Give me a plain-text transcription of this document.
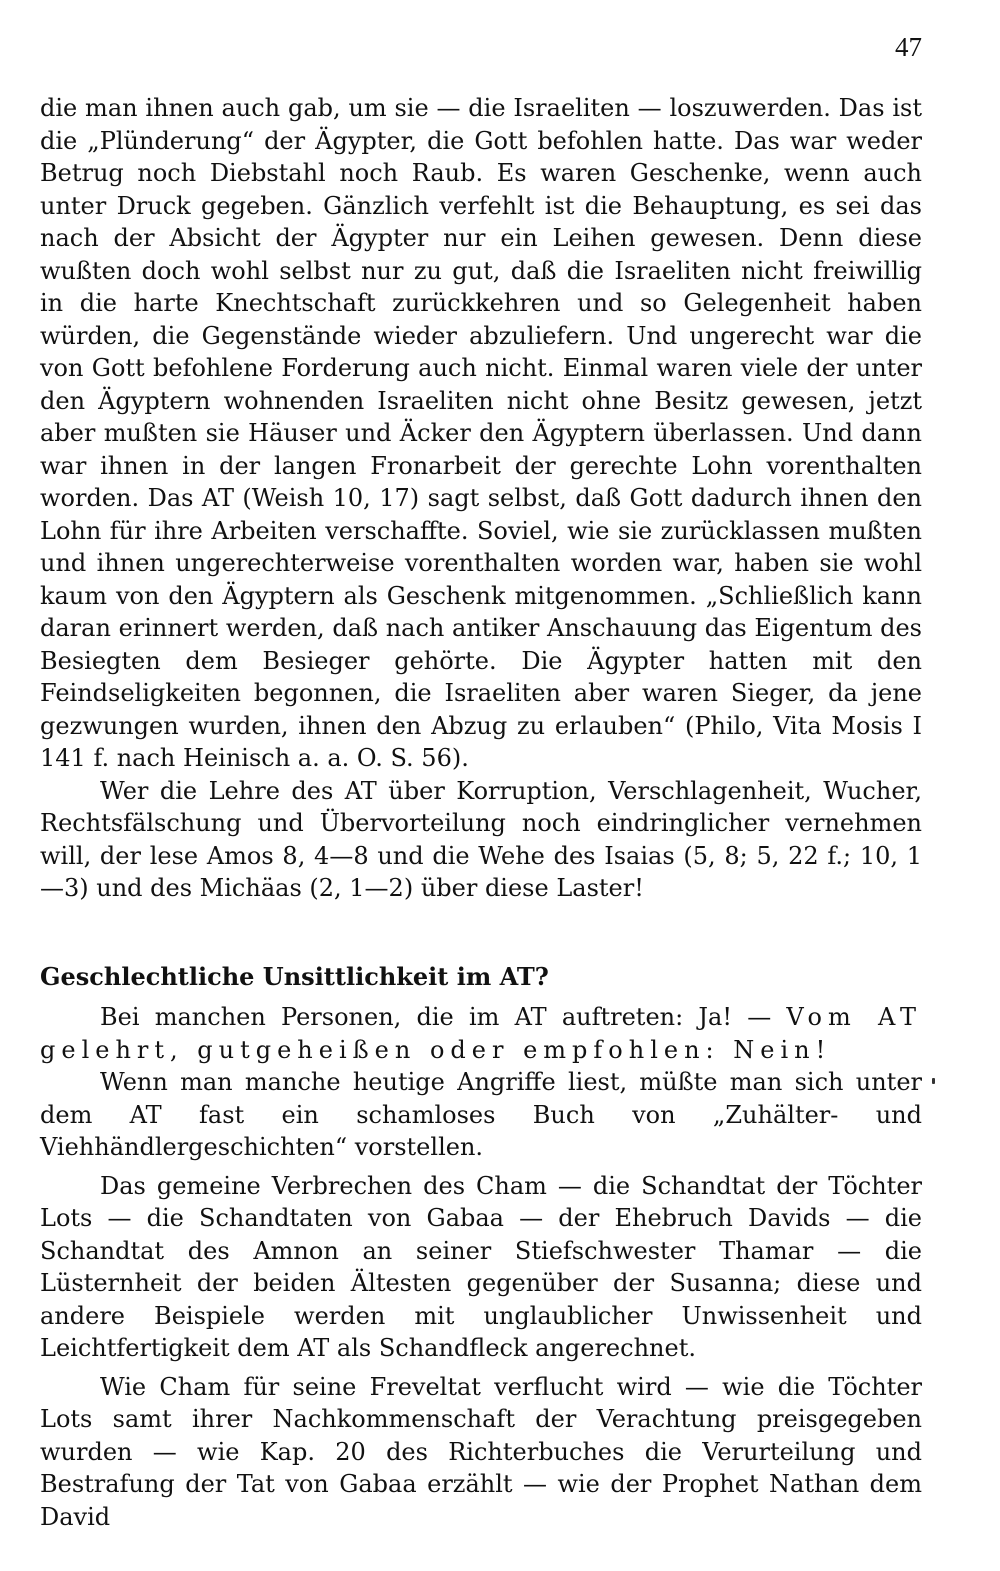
47

die man ihnen auch gab, um sie — die Israeliten — loszuwerden. Das ist die „Plünderung“ der Ägypter, die Gott befohlen hatte. Das war weder Betrug noch Diebstahl noch Raub. Es waren Geschenke, wenn auch unter Druck gegeben. Gänzlich verfehlt ist die Behauptung, es sei das nach der Absicht der Ägypter nur ein Leihen gewesen. Denn diese wußten doch wohl selbst nur zu gut, daß die Israeliten nicht freiwillig in die harte Knechtschaft zurückkehren und so Gelegenheit haben würden, die Gegenstände wieder abzuliefern. Und ungerecht war die von Gott befohlene Forderung auch nicht. Einmal waren viele der unter den Ägyptern wohnenden Israeliten nicht ohne Besitz gewesen, jetzt aber mußten sie Häuser und Äcker den Ägyptern überlassen. Und dann war ihnen in der langen Fronarbeit der gerechte Lohn vorenthalten worden. Das AT (Weish 10, 17) sagt selbst, daß Gott dadurch ihnen den Lohn für ihre Arbeiten verschaffte. Soviel, wie sie zurücklassen mußten und ihnen ungerechterweise vorenthalten worden war, haben sie wohl kaum von den Ägyptern als Geschenk mitgenommen. „Schließlich kann daran erinnert werden, daß nach antiker Anschauung das Eigentum des Besiegten dem Besieger gehörte. Die Ägypter hatten mit den Feindseligkeiten begonnen, die Israeliten aber waren Sieger, da jene gezwungen wurden, ihnen den Abzug zu erlauben“ (Philo, Vita Mosis I 141 f. nach Heinisch a. a. O. S. 56).

Wer die Lehre des AT über Korruption, Verschlagenheit, Wucher, Rechtsfälschung und Übervorteilung noch eindringlicher vernehmen will, der lese Amos 8, 4—8 und die Wehe des Isaias (5, 8; 5, 22 f.; 10, 1—3) und des Michäas (2, 1—2) über diese Laster!

Geschlechtliche Unsittlichkeit im AT?

Bei manchen Personen, die im AT auftreten: Ja! — Vom AT gelehrt, gutgeheißen oder empfohlen: Nein!

Wenn man manche heutige Angriffe liest, müßte man sich unter dem AT fast ein schamloses Buch von „Zuhälter- und Viehhändlergeschichten“ vorstellen.

Das gemeine Verbrechen des Cham — die Schandtat der Töchter Lots — die Schandtaten von Gabaa — der Ehebruch Davids — die Schandtat des Amnon an seiner Stiefschwester Thamar — die Lüsternheit der beiden Ältesten gegenüber der Susanna; diese und andere Beispiele werden mit unglaublicher Unwissenheit und Leichtfertigkeit dem AT als Schandfleck angerechnet.

Wie Cham für seine Freveltat verflucht wird — wie die Töchter Lots samt ihrer Nachkommenschaft der Verachtung preisgegeben wurden — wie Kap. 20 des Richterbuches die Verurteilung und Bestrafung der Tat von Gabaa erzählt — wie der Prophet Nathan dem David
